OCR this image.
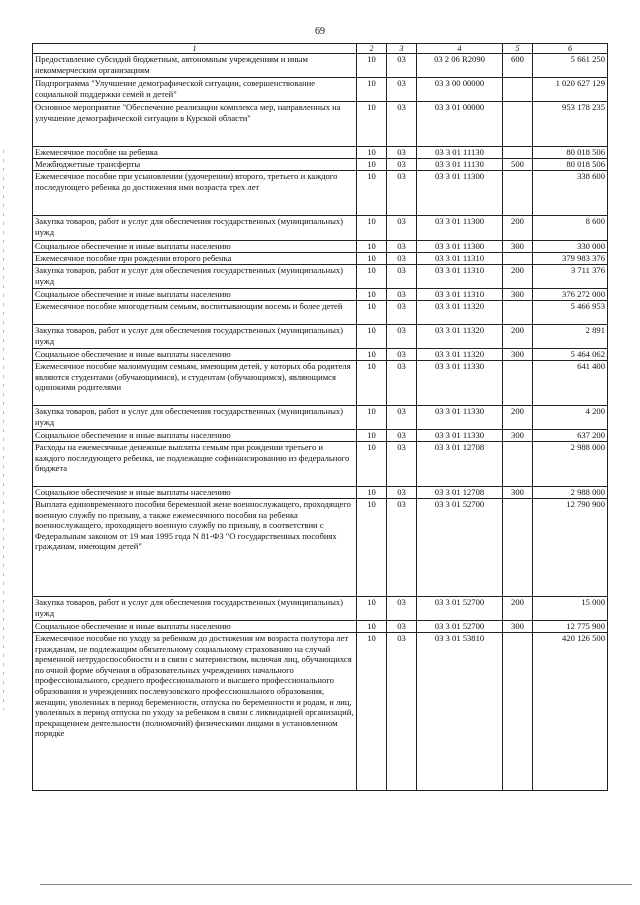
69
1	2	3	4	5	6
Предоставление субсидий бюджетным, автономным учреждениям и иным некоммерческим организациям	10	03	03 2 06 R2090	600	5 661 250
Подпрограмма "Улучшение демографической ситуации, совершенствование социальной поддержки семей и детей"	10	03	03 3 00 00000		1 020 627 129
Основное мероприятие "Обеспечение реализации комплекса мер, направленных на улучшение демографической ситуации в Курской области"	10	03	03 3 01 00000		953 178 235
Ежемесячное пособие на ребенка	10	03	03 3 01 11130		80 018 506
Межбюджетные трансферты	10	03	03 3 01 11130	500	80 018 506
Ежемесячное пособие при усыновлении (удочерении) второго, третьего и каждого последующего ребенка до достижения ими возраста трех лет	10	03	03 3 01 11300		338 600
Закупка товаров, работ и услуг для обеспечения государственных (муниципальных) нужд	10	03	03 3 01 11300	200	8 600
Социальное обеспечение и иные выплаты населению	10	03	03 3 01 11300	300	330 000
Ежемесячное пособие при рождении второго ребенка	10	03	03 3 01 11310		379 983 376
Закупка товаров, работ и услуг для обеспечения государственных (муниципальных) нужд	10	03	03 3 01 11310	200	3 711 376
Социальное обеспечение и иные выплаты населению	10	03	03 3 01 11310	300	376 272 000
Ежемесячное пособие многодетным семьям, воспитывающим восемь и более детей	10	03	03 3 01 11320		5 466 953
Закупка товаров, работ и услуг для обеспечения государственных (муниципальных) нужд	10	03	03 3 01 11320	200	2 891
Социальное обеспечение и иные выплаты населению	10	03	03 3 01 11320	300	5 464 062
Ежемесячное пособие малоимущим семьям, имеющим детей, у которых оба родителя являются студентами (обучающимися), и студентам (обучающимся), являющимся одинокими родителями	10	03	03 3 01 11330		641 400
Закупка товаров, работ и услуг для обеспечения государственных (муниципальных) нужд	10	03	03 3 01 11330	200	4 200
Социальное обеспечение и иные выплаты населению	10	03	03 3 01 11330	300	637 200
Расходы на ежемесячные денежные выплаты семьям при рождении третьего и каждого последующего ребенка, не подлежащие софинансированию из федерального бюджета	10	03	03 3 01 12708		2 988 000
Социальное обеспечение и иные выплаты населению	10	03	03 3 01 12708	300	2 988 000
Выплата единовременного пособия беременной жене военнослужащего, проходящего военную службу по призыву, а также ежемесячного пособия на ребенка военнослужащего, проходящего военную службу по призыву, в соответствии с Федеральным законом от 19 мая 1995 года N 81-ФЗ "О государственных пособиях гражданам, имеющим детей"	10	03	03 3 01 52700		12 790 900
Закупка товаров, работ и услуг для обеспечения государственных (муниципальных) нужд	10	03	03 3 01 52700	200	15 000
Социальное обеспечение и иные выплаты населению	10	03	03 3 01 52700	300	12 775 900
Ежемесячное пособие по уходу за ребенком до достижения им возраста полутора лет гражданам, не подлежащим обязательному социальному страхованию на случай временной нетрудоспособности и в связи с материнством, включая лиц, обучающихся по очной форме обучения в образовательных учреждениях начального профессионального, среднего профессионального и высшего профессионального образования и учреждениях послевузовского профессионального образования, женщин, уволенных в период беременности, отпуска по беременности и родам, и лиц, уволенных в период отпуска по уходу за ребенком в связи с ликвидацией организаций, прекращением деятельности (полномочий) физическими лицами в установленном порядке	10	03	03 3 01 53810		420 126 500
